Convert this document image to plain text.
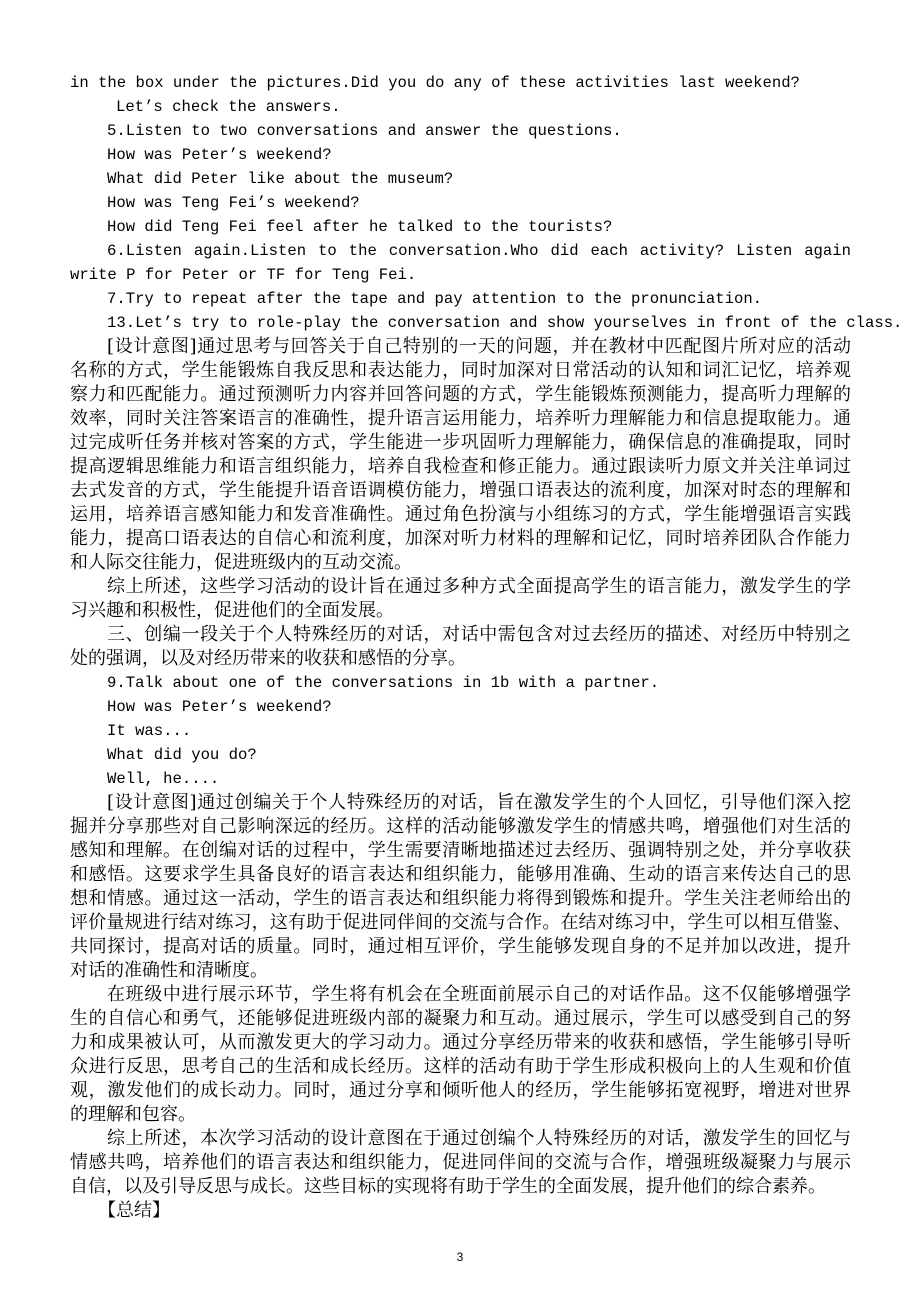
in the box under the pictures.Did you do any of these activities last weekend?
Let’s check the answers.
5.Listen to two conversations and answer the questions.
How was Peter’s weekend?
What did Peter like about the museum?
How was Teng Fei’s weekend?
How did Teng Fei feel after he talked to the tourists?
6.Listen again.Listen to the conversation.Who did each activity? Listen again
write P for Peter or TF for Teng Fei.
7.Try to repeat after the tape and pay attention to the pronunciation.
13.Let’s try to role-play the conversation and show yourselves in front of the class.
[设计意图]通过思考与回答关于自己特别的一天的问题，并在教材中匹配图片所对应的活动
名称的方式，学生能锻炼自我反思和表达能力，同时加深对日常活动的认知和词汇记忆，培养观
察力和匹配能力。通过预测听力内容并回答问题的方式，学生能锻炼预测能力，提高听力理解的
效率，同时关注答案语言的准确性，提升语言运用能力，培养听力理解能力和信息提取能力。通
过完成听任务并核对答案的方式，学生能进一步巩固听力理解能力，确保信息的准确提取，同时
提高逻辑思维能力和语言组织能力，培养自我检查和修正能力。通过跟读听力原文并关注单词过
去式发音的方式，学生能提升语音语调模仿能力，增强口语表达的流利度，加深对时态的理解和
运用，培养语言感知能力和发音准确性。通过角色扮演与小组练习的方式，学生能增强语言实践
能力，提高口语表达的自信心和流利度，加深对听力材料的理解和记忆，同时培养团队合作能力
和人际交往能力，促进班级内的互动交流。
综上所述，这些学习活动的设计旨在通过多种方式全面提高学生的语言能力，激发学生的学
习兴趣和积极性，促进他们的全面发展。
三、创编一段关于个人特殊经历的对话，对话中需包含对过去经历的描述、对经历中特别之
处的强调，以及对经历带来的收获和感悟的分享。
9.Talk about one of the conversations in 1b with a partner.
How was Peter’s weekend?
It was...
What did you do?
Well, he....
[设计意图]通过创编关于个人特殊经历的对话，旨在激发学生的个人回忆，引导他们深入挖
掘并分享那些对自己影响深远的经历。这样的活动能够激发学生的情感共鸣，增强他们对生活的
感知和理解。在创编对话的过程中，学生需要清晰地描述过去经历、强调特别之处，并分享收获
和感悟。这要求学生具备良好的语言表达和组织能力，能够用准确、生动的语言来传达自己的思
想和情感。通过这一活动，学生的语言表达和组织能力将得到锻炼和提升。学生关注老师给出的
评价量规进行结对练习，这有助于促进同伴间的交流与合作。在结对练习中，学生可以相互借鉴、
共同探讨，提高对话的质量。同时，通过相互评价，学生能够发现自身的不足并加以改进，提升
对话的准确性和清晰度。
在班级中进行展示环节，学生将有机会在全班面前展示自己的对话作品。这不仅能够增强学
生的自信心和勇气，还能够促进班级内部的凝聚力和互动。通过展示，学生可以感受到自己的努
力和成果被认可，从而激发更大的学习动力。通过分享经历带来的收获和感悟，学生能够引导听
众进行反思，思考自己的生活和成长经历。这样的活动有助于学生形成积极向上的人生观和价值
观，激发他们的成长动力。同时，通过分享和倾听他人的经历，学生能够拓宽视野，增进对世界
的理解和包容。
综上所述，本次学习活动的设计意图在于通过创编个人特殊经历的对话，激发学生的回忆与
情感共鸣，培养他们的语言表达和组织能力，促进同伴间的交流与合作，增强班级凝聚力与展示
自信，以及引导反思与成长。这些目标的实现将有助于学生的全面发展，提升他们的综合素养。
【总结】
3
